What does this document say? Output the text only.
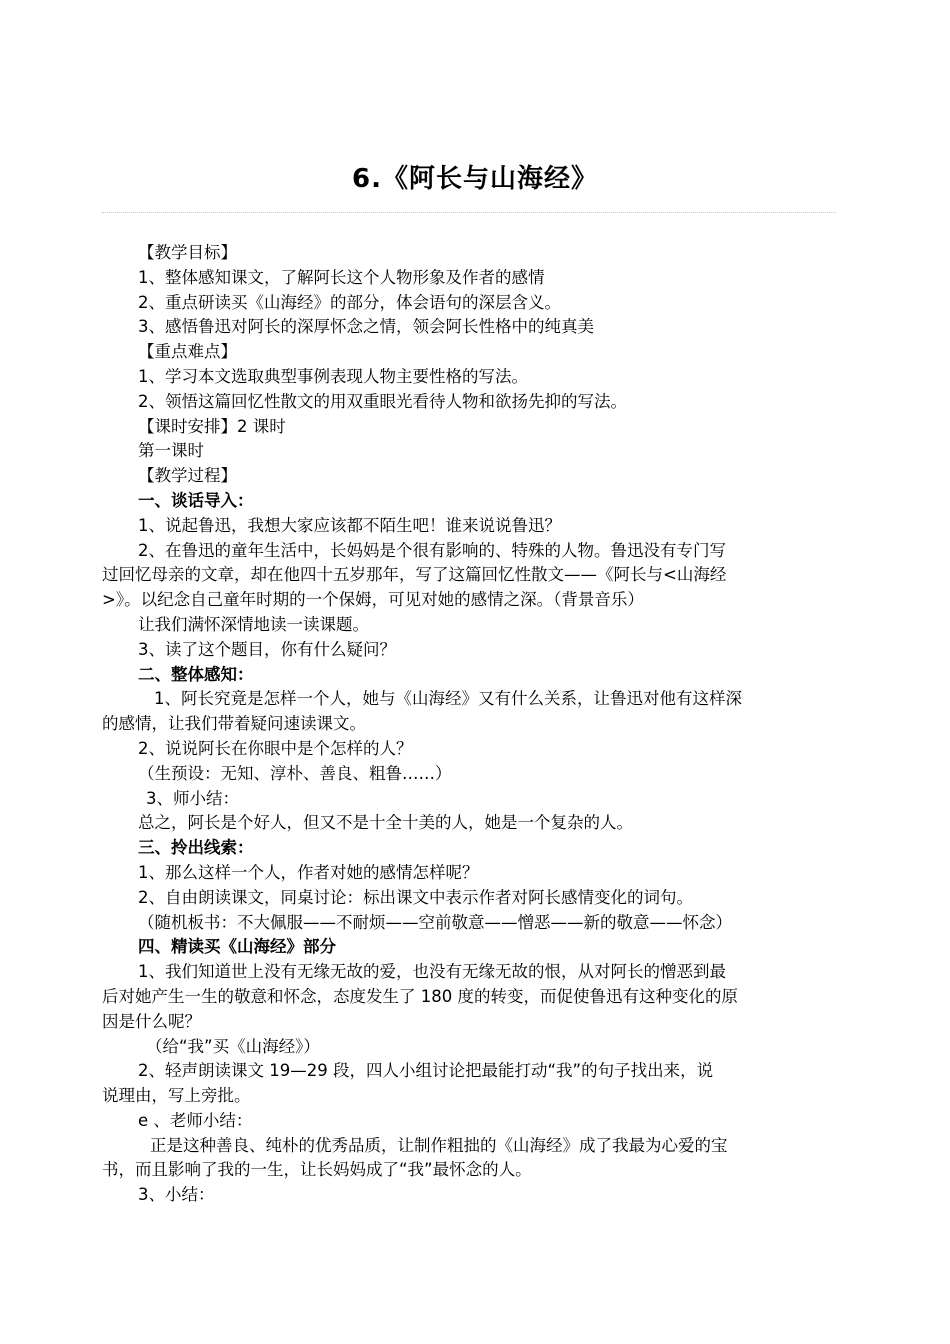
6.《阿长与山海经》

【教学目标】

1、整体感知课文，了解阿长这个人物形象及作者的感情

2、重点研读买《山海经》的部分，体会语句的深层含义。

3、感悟鲁迅对阿长的深厚怀念之情，领会阿长性格中的纯真美

【重点难点】

1、学习本文选取典型事例表现人物主要性格的写法。

2、领悟这篇回忆性散文的用双重眼光看待人物和欲扬先抑的写法。

【课时安排】2 课时

第一课时

【教学过程】

一、谈话导入：

1、说起鲁迅，我想大家应该都不陌生吧！谁来说说鲁迅？

2、在鲁迅的童年生活中，长妈妈是个很有影响的、特殊的人物。鲁迅没有专门写

过回忆母亲的文章，却在他四十五岁那年，写了这篇回忆性散文——《阿长与<山海经

>》。以纪念自己童年时期的一个保姆，可见对她的感情之深。（背景音乐）

让我们满怀深情地读一读课题。

3、读了这个题目，你有什么疑问？

二、整体感知：

1、阿长究竟是怎样一个人，她与《山海经》又有什么关系，让鲁迅对他有这样深

的感情，让我们带着疑问速读课文。

2、说说阿长在你眼中是个怎样的人？

（生预设：无知、淳朴、善良、粗鲁……）

3、师小结：

总之，阿长是个好人，但又不是十全十美的人，她是一个复杂的人。

三、拎出线索：

1、那么这样一个人，作者对她的感情怎样呢？

2、自由朗读课文，同桌讨论：标出课文中表示作者对阿长感情变化的词句。

（随机板书：不大佩服——不耐烦——空前敬意——憎恶——新的敬意——怀念）

四、精读买《山海经》部分

1、我们知道世上没有无缘无故的爱，也没有无缘无故的恨，从对阿长的憎恶到最

后对她产生一生的敬意和怀念，态度发生了 180 度的转变，而促使鲁迅有这种变化的原

因是什么呢？

（给“我”买《山海经》）

2、轻声朗读课文 19—29 段，四人小组讨论把最能打动“我”的句子找出来，说

说理由，写上旁批。

e 、老师小结：

正是这种善良、纯朴的优秀品质，让制作粗拙的《山海经》成了我最为心爱的宝

书，而且影响了我的一生，让长妈妈成了“我”最怀念的人。

3、小结：
